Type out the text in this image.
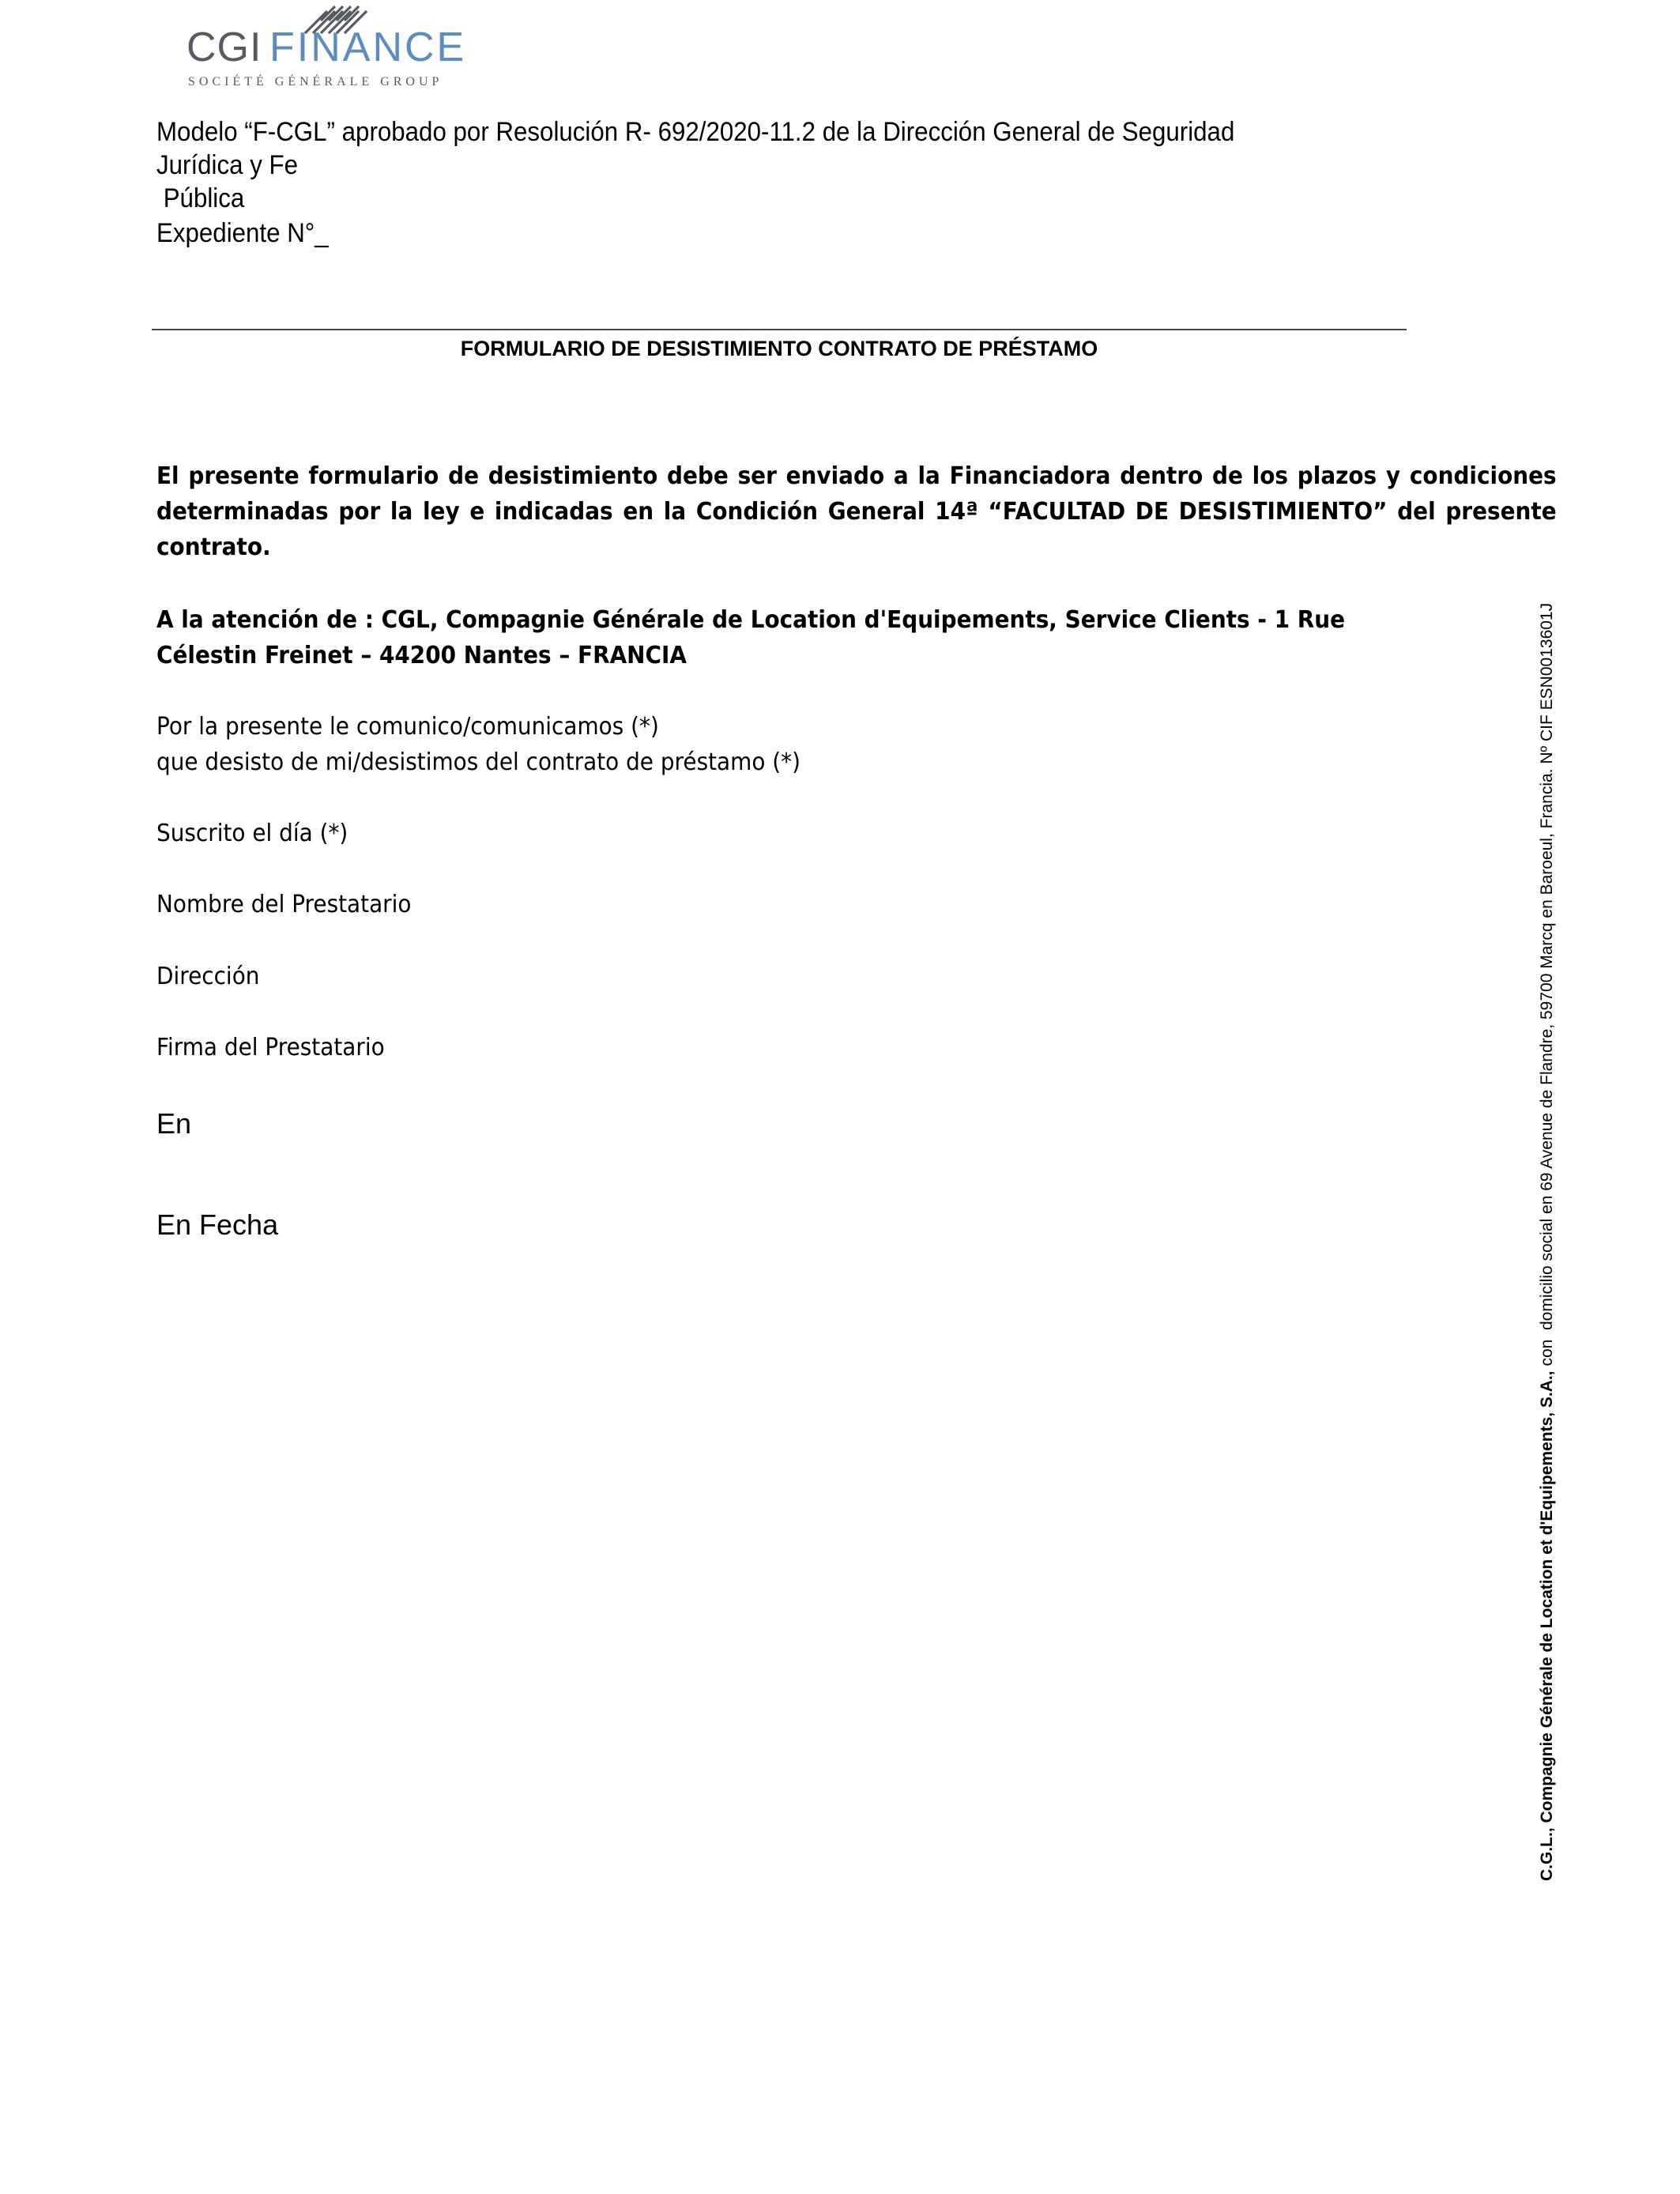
CGI FINANCE
SOCIÉTÉ GÉNÉRALE GROUP
Modelo “F-CGL” aprobado por Resolución R- 692/2020-11.2 de la Dirección General de Seguridad Jurídica y Fe
Pública
Expediente N°_
FORMULARIO DE DESISTIMIENTO CONTRATO DE PRÉSTAMO
El presente formulario de desistimiento debe ser enviado a la Financiadora dentro de los plazos y condiciones determinadas por la ley e indicadas en la Condición General 14ª “FACULTAD DE DESISTIMIENTO” del presente contrato.
A la atención de : CGL, Compagnie Générale de Location d'Equipements, Service Clients - 1 Rue
Célestin Freinet – 44200 Nantes – FRANCIA
Por la presente le comunico/comunicamos (*)
que desisto de mi/desistimos del contrato de préstamo (*)
Suscrito el día (*)
Nombre del Prestatario
Dirección
Firma del Prestatario
En
En Fecha
C.G.L., Compagnie Générale de Location et d'Equipements, S.A., con  domicilio social en 69 Avenue de Flandre, 59700 Marcq en Baroeul, Francia. Nº CIF ESN0013601J
